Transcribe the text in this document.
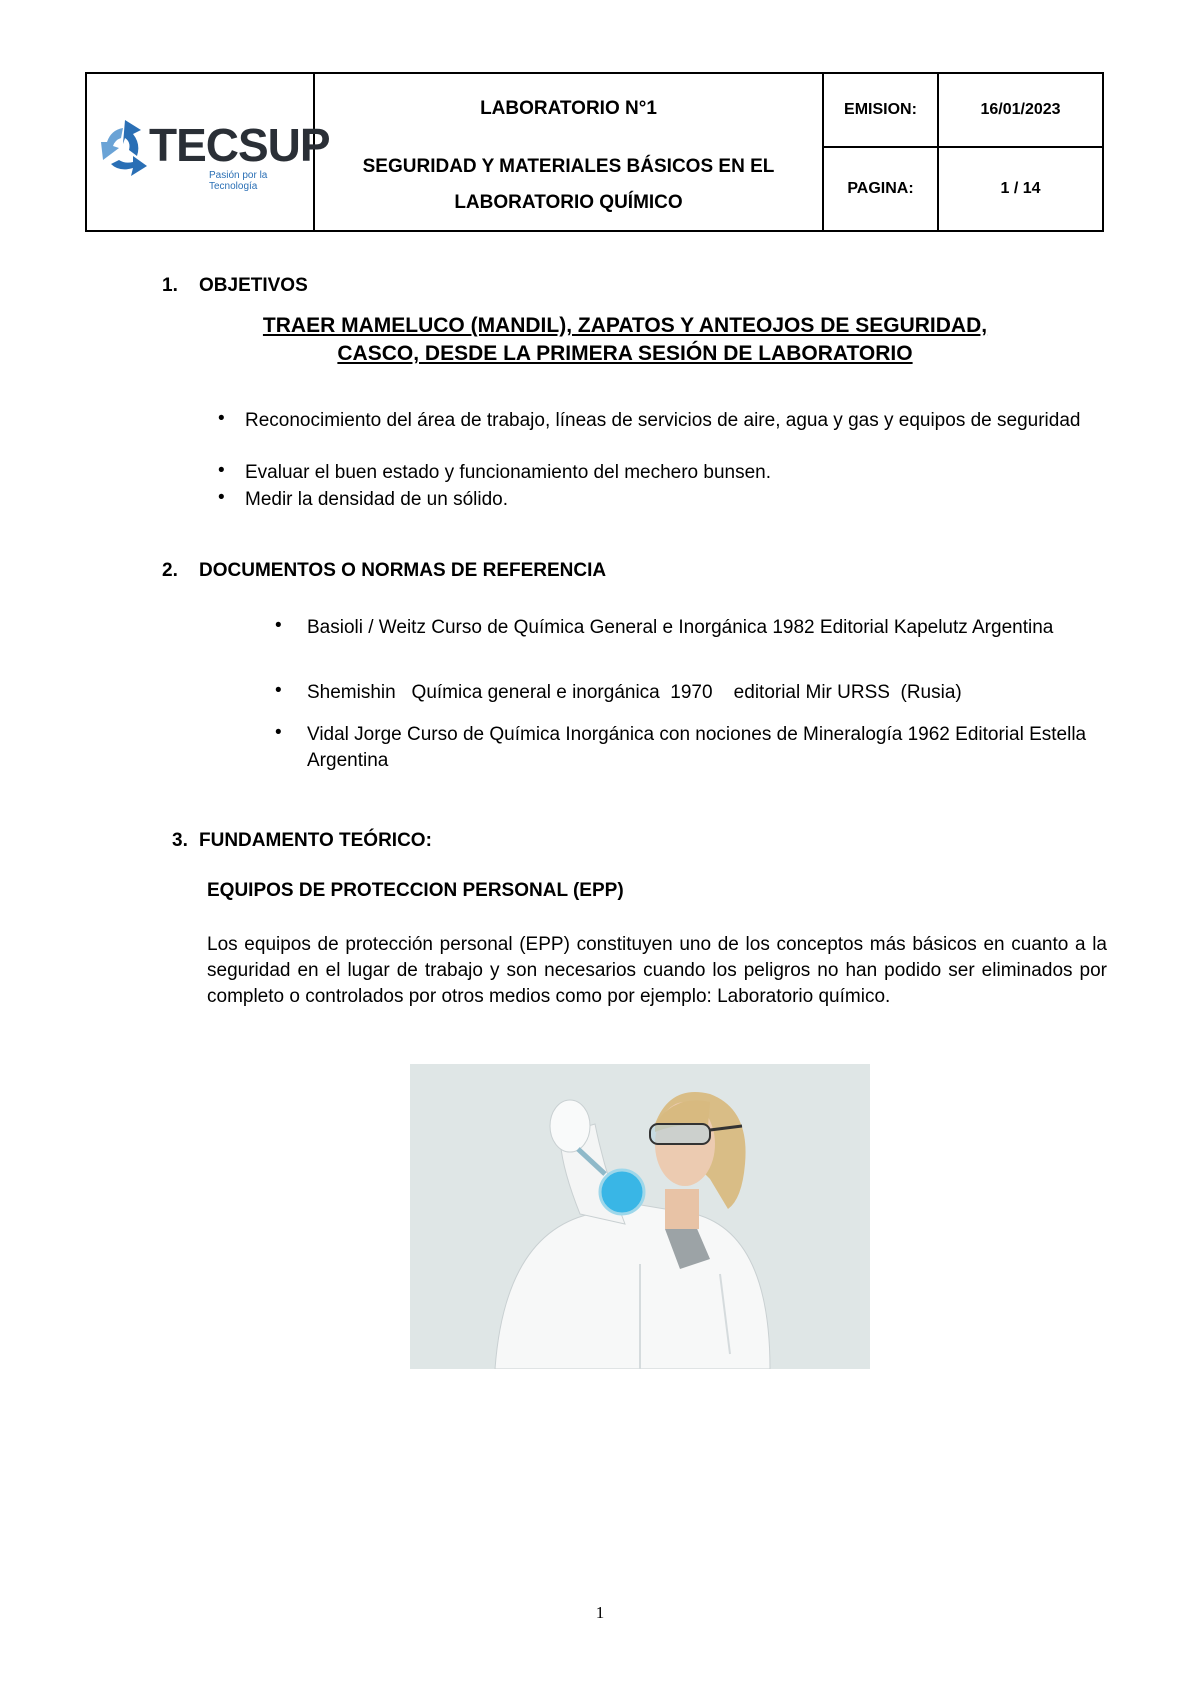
TECSUP
Pasión por la Tecnología
LABORATORIO N°1
SEGURIDAD Y MATERIALES BÁSICOS EN EL
LABORATORIO QUÍMICO
EMISION:
PAGINA:
16/01/2023
1 / 14
1. OBJETIVOS
TRAER MAMELUCO (MANDIL), ZAPATOS Y ANTEOJOS DE SEGURIDAD,
CASCO, DESDE LA PRIMERA SESIÓN DE LABORATORIO
• Reconocimiento del área de trabajo, líneas de servicios de aire, agua y gas y equipos de seguridad
• Evaluar el buen estado y funcionamiento del mechero bunsen.
• Medir la densidad de un sólido.
2. DOCUMENTOS O NORMAS DE REFERENCIA
• Basioli / Weitz Curso de Química General e Inorgánica 1982 Editorial Kapelutz Argentina
• Shemishin   Química general e inorgánica  1970    editorial Mir URSS  (Rusia)
• Vidal Jorge Curso de Química Inorgánica con nociones de Mineralogía 1962 Editorial Estella Argentina
3. FUNDAMENTO TEÓRICO:
EQUIPOS DE PROTECCION PERSONAL (EPP)
Los equipos de protección personal (EPP) constituyen uno de los conceptos más básicos en cuanto a la seguridad en el lugar de trabajo y son necesarios cuando los peligros no han podido ser eliminados por completo o controlados por otros medios como por ejemplo: Laboratorio químico.
1
